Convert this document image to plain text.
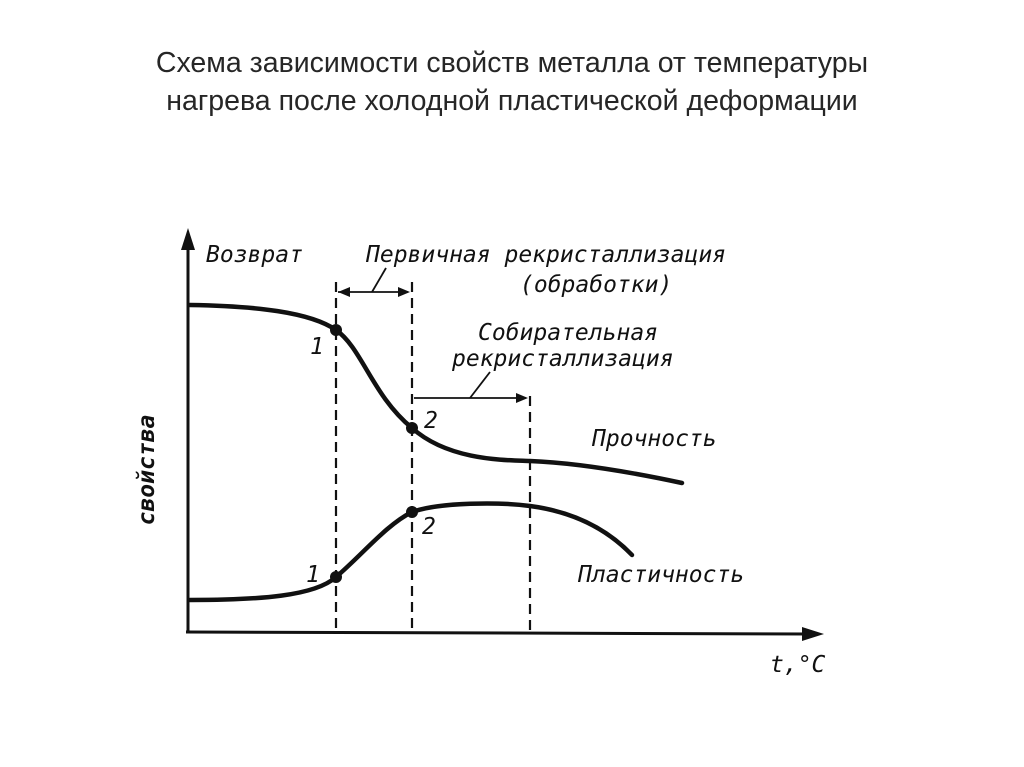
Схема зависимости свойств металла от температуры
нагрева после холодной пластической деформации
свойства
t,°C
Возврат	Первичная рекристаллизация
(обработки)
Собирательная
рекристаллизация
1
2
Прочность
1
2
Пластичность
